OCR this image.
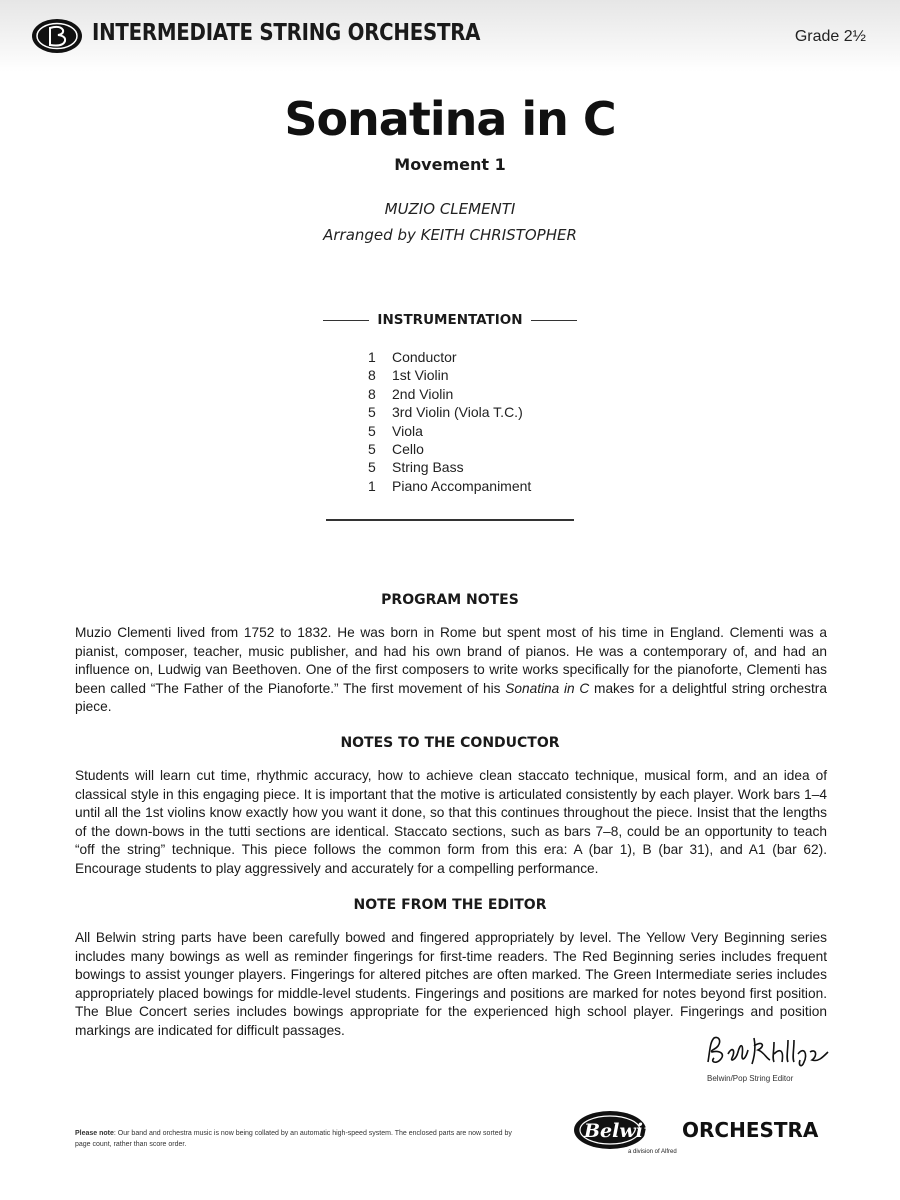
INTERMEDIATE STRING ORCHESTRA	Grade 2½
Sonatina in C
Movement 1
MUZIO CLEMENTI
Arranged by KEITH CHRISTOPHER
INSTRUMENTATION
1 Conductor
8 1st Violin
8 2nd Violin
5 3rd Violin (Viola T.C.)
5 Viola
5 Cello
5 String Bass
1 Piano Accompaniment
PROGRAM NOTES
Muzio Clementi lived from 1752 to 1832. He was born in Rome but spent most of his time in England. Clementi was a pianist, composer, teacher, music publisher, and had his own brand of pianos. He was a contemporary of, and had an influence on, Ludwig van Beethoven. One of the first composers to write works specifically for the pianoforte, Clementi has been called “The Father of the Pianoforte.” The first movement of his Sonatina in C makes for a delightful string orchestra piece.
NOTES TO THE CONDUCTOR
Students will learn cut time, rhythmic accuracy, how to achieve clean staccato technique, musical form, and an idea of classical style in this engaging piece. It is important that the motive is articulated consistently by each player. Work bars 1–4 until all the 1st violins know exactly how you want it done, so that this continues throughout the piece. Insist that the lengths of the down-bows in the tutti sections are identical. Staccato sections, such as bars 7–8, could be an opportunity to teach “off the string” technique. This piece follows the common form from this era: A (bar 1), B (bar 31), and A1 (bar 62). Encourage students to play aggressively and accurately for a compelling performance.
NOTE FROM THE EDITOR
All Belwin string parts have been carefully bowed and fingered appropriately by level. The Yellow Very Beginning series includes many bowings as well as reminder fingerings for first-time readers. The Red Beginning series includes frequent bowings to assist younger players. Fingerings for altered pitches are often marked. The Green Intermediate series includes appropriately placed bowings for middle-level students. Fingerings and positions are marked for notes beyond first position. The Blue Concert series includes bowings appropriate for the experienced high school player. Fingerings and position markings are indicated for difficult passages.
Belwin/Pop String Editor
Please note: Our band and orchestra music is now being collated by an automatic high-speed system. The enclosed parts are now sorted by page count, rather than score order.
Belwin ORCHESTRA
a division of Alfred
